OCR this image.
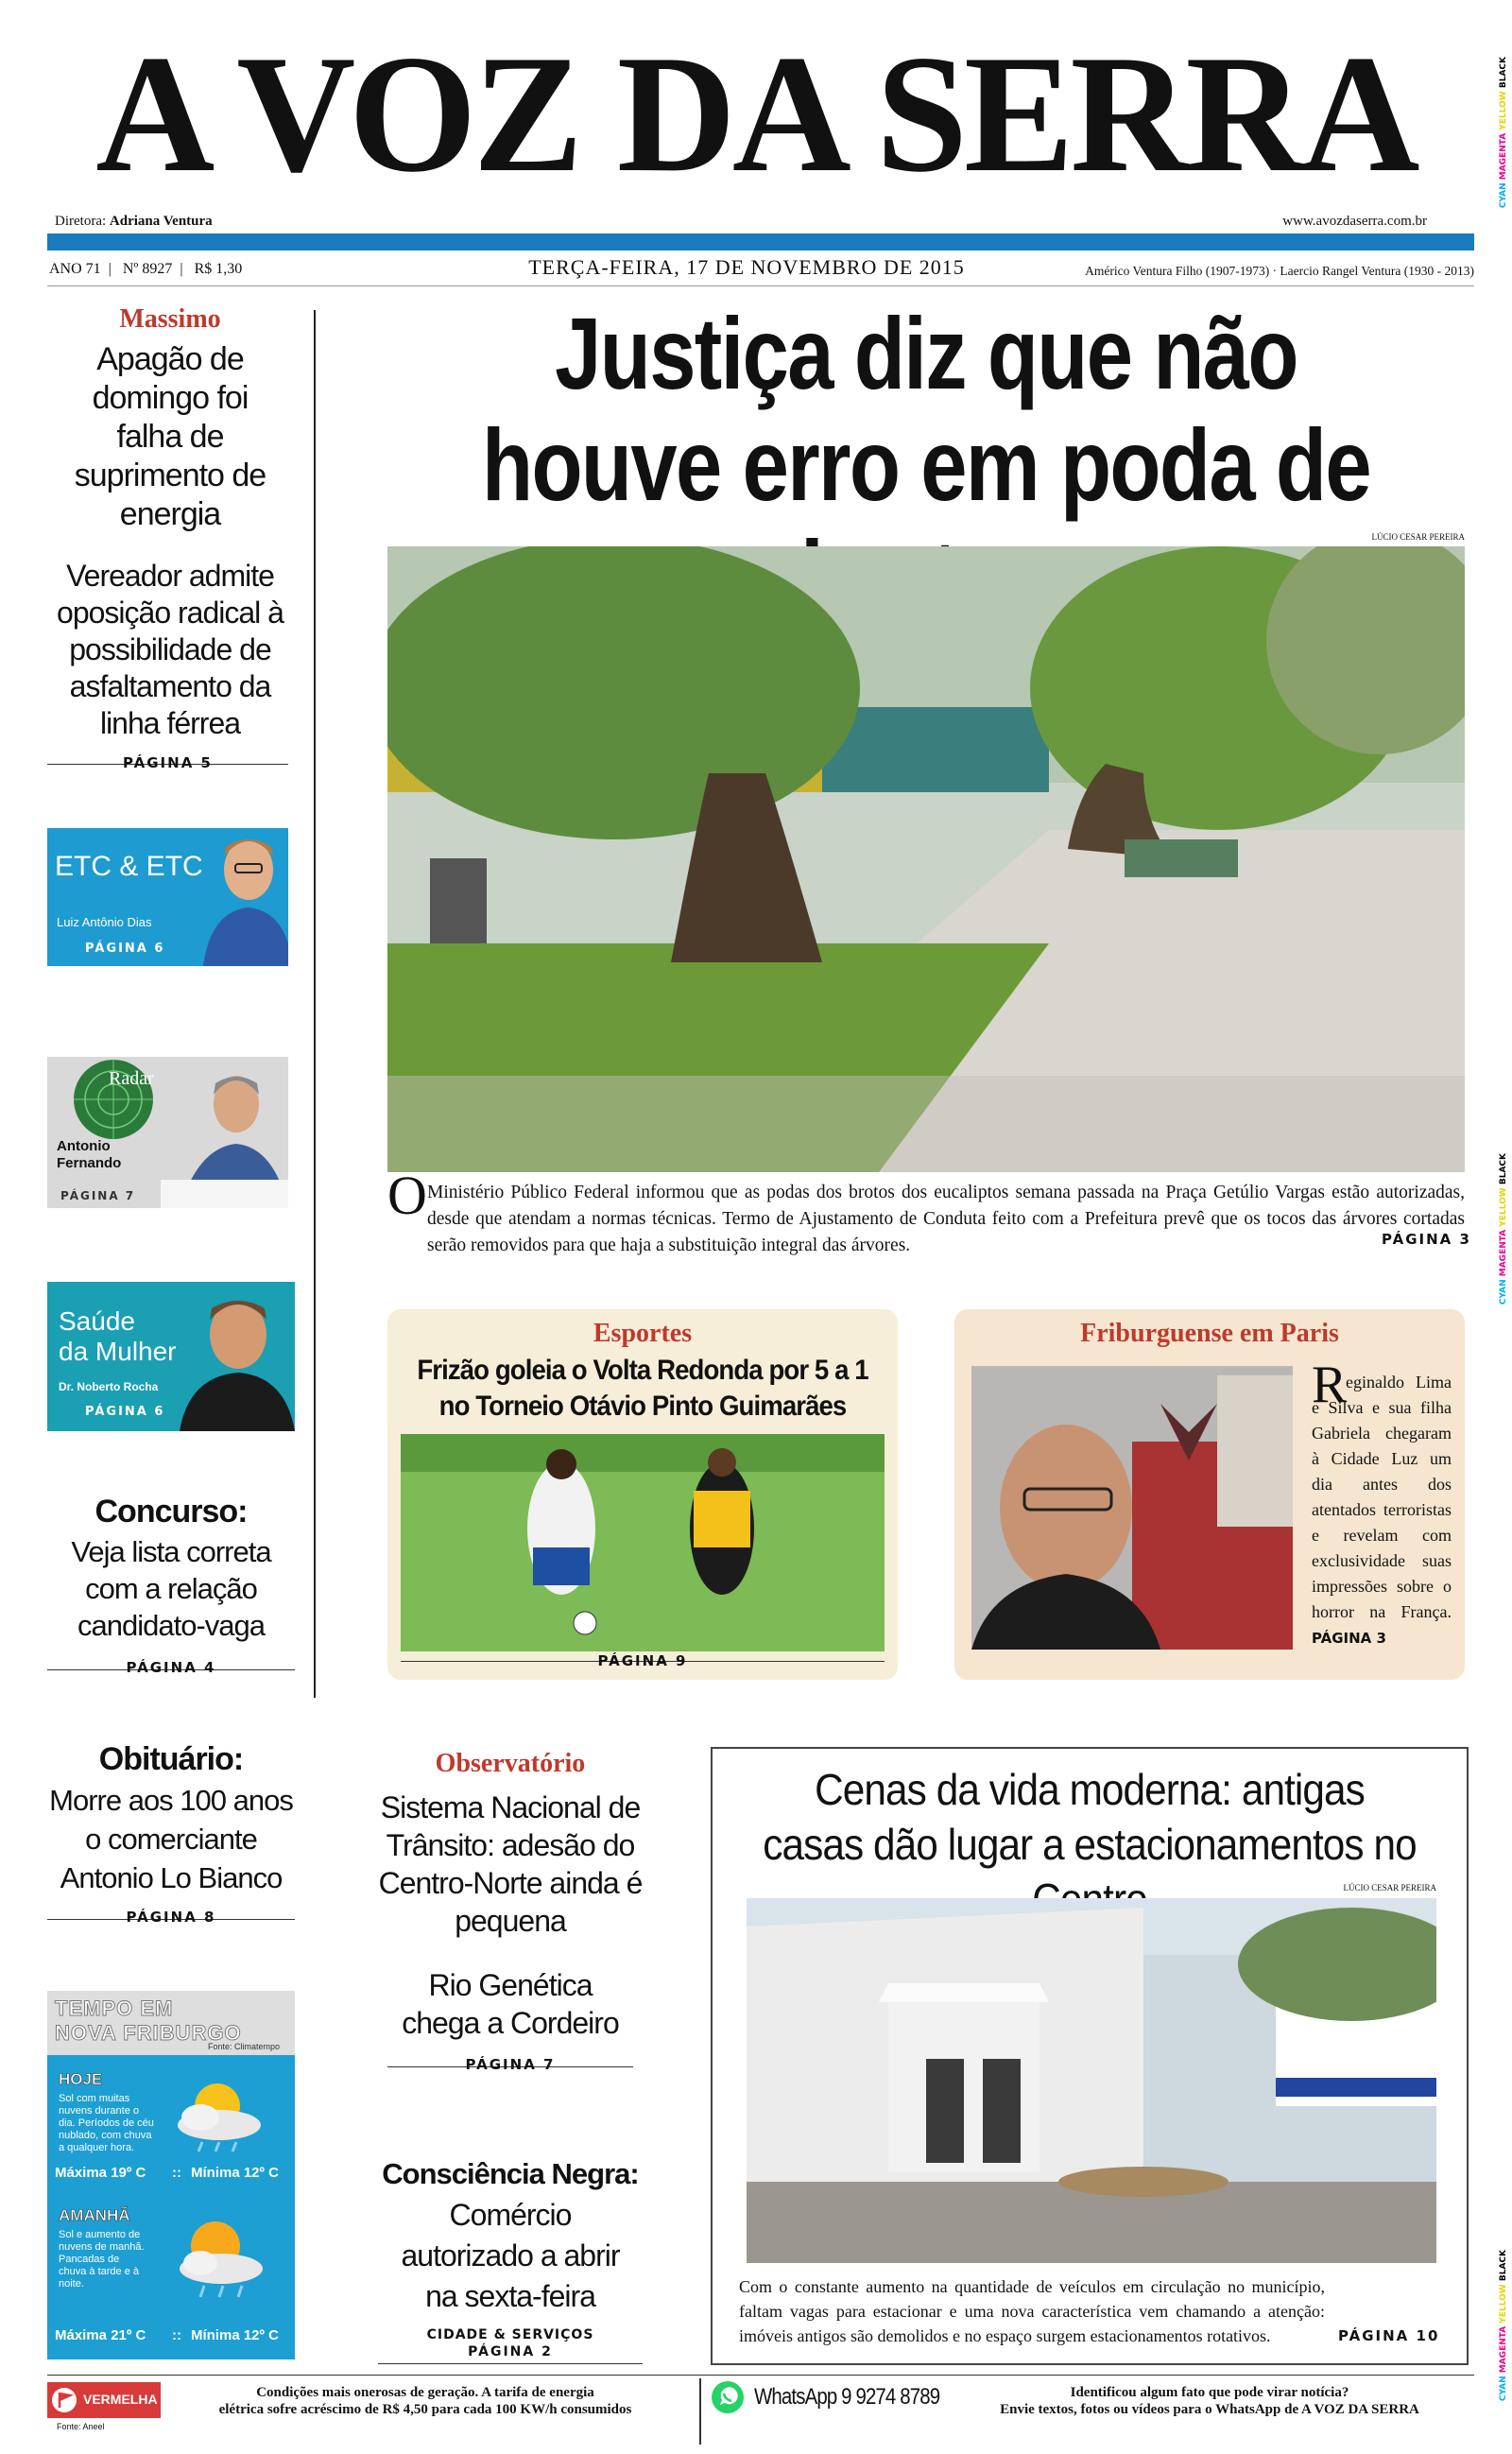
A VOZ DA SERRA
Diretora: Adriana Ventura	www.avozdaserra.com.br
ANO 71  |   Nº 8927  |   R$ 1,30	TERÇA-FEIRA, 17 DE NOVEMBRO DE 2015	Américo Ventura Filho (1907-1973) · Laercio Rangel Ventura (1930 - 2013)
CYAN MAGENTA YELLOW BLACK
CYAN MAGENTA YELLOW BLACK
CYAN MAGENTA YELLOW BLACK
Massimo
Apagão de domingo foi falha de suprimento de energia
Vereador admite oposição radical à possibilidade de asfaltamento da linha férrea
PÁGINA 5
ETC & ETC
Luiz Antônio Dias
PÁGINA 6
Radar
Antonio
Fernando
PÁGINA 7
Saúde
da Mulher
Dr. Noberto Rocha
PÁGINA 6
Concurso:
Veja lista correta com a relação candidato-vaga
PÁGINA 4
Obituário:
Morre aos 100 anos o comerciante Antonio Lo Bianco
PÁGINA 8
TEMPO EM
NOVA FRIBURGO
Fonte: Climatempo
HOJE
Sol com muitas nuvens durante o dia. Períodos de céu nublado, com chuva a qualquer hora.
Máxima 19º C :: Mínima 12º C
AMANHÃ
Sol e aumento de nuvens de manhã. Pancadas de chuva à tarde e à noite.
Máxima 21º C :: Mínima 12º C
Justiça diz que não houve erro em poda de
LÚCIO CESAR PEREIRA
O Ministério Público Federal informou que as podas dos brotos dos eucaliptos semana passada na Praça Getúlio Vargas estão autorizadas, desde que atendam a normas técnicas. Termo de Ajustamento de Conduta feito com a Prefeitura prevê que os tocos das árvores cortadas serão removidos para que haja a substituição integral das árvores.	PÁGINA 3
Esportes
Frizão goleia o Volta Redonda por 5 a 1 no Torneio Otávio Pinto Guimarães
PÁGINA 9
Friburguense em Paris
R
eginaldo Lima e Silva e sua filha Gabriela chegaram à Cidade Luz um dia antes dos atentados terroristas e revelam com exclusividade suas impressões sobre o horror na França. PÁGINA 3
Observatório
Sistema Nacional de Trânsito: adesão do Centro-Norte ainda é pequena
Rio Genética chega a Cordeiro
PÁGINA 7
Consciência Negra:
Comércio autorizado a abrir na sexta-feira
CIDADE & SERVIÇOS
PÁGINA 2
Cenas da vida moderna: antigas casas dão lugar a estacionamentos no
LÚCIO CESAR PEREIRA
Com o constante aumento na quantidade de veículos em circulação no município, faltam vagas para estacionar e uma nova característica vem chamando a atenção: imóveis antigos são demolidos e no espaço surgem estacionamentos rotativos.	PÁGINA 10
VERMELHA
Fonte: Aneel
Condições mais onerosas de geração. A tarifa de energia
elétrica sofre acréscimo de R$ 4,50 para cada 100 KW/h consumidos	WhatsApp 9 9274 8789	Identificou algum fato que pode virar notícia?
Envie textos, fotos ou vídeos para o WhatsApp de A VOZ DA SERRA
